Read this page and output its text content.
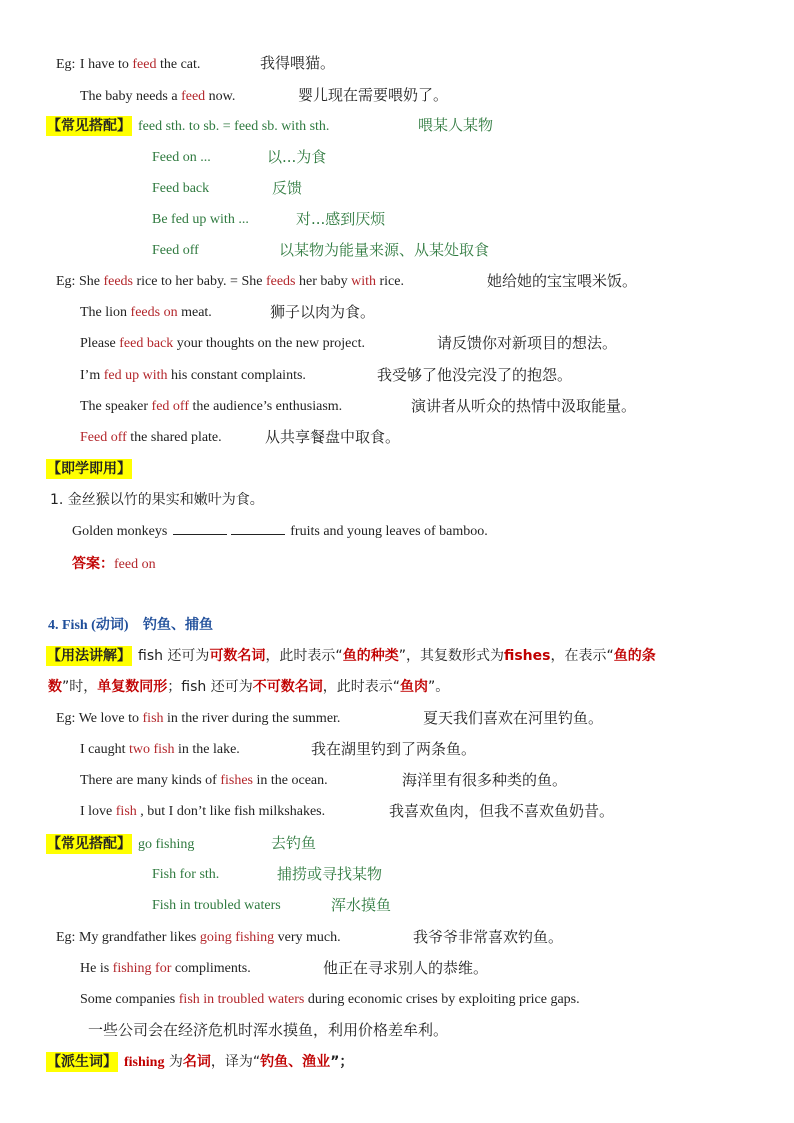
Eg: I have to feed the cat.	我得喂猫。
The baby needs a feed now.	婴儿现在需要喂奶了。
【常见搭配】 feed sth. to sb. = feed sb. with sth.	喂某人某物
Feed on ...	以...为食
Feed back	反馈
Be fed up with ...	对...感到厌烦
Feed off	以某物为能量来源、从某处取食
Eg: She feeds rice to her baby. = She feeds her baby with rice.	她给她的宝宝喂米饭。
The lion feeds on meat.	狮子以肉为食。
Please feed back your thoughts on the new project.	请反馈你对新项目的想法。
I’m fed up with his constant complaints.	我受够了他没完没了的抱怨。
The speaker fed off the audience’s enthusiasm.	演讲者从听众的热情中汲取能量。
Feed off the shared plate.	从共享餐盘中取食。
【即学即用】
1. 金丝猴以竹的果实和嫩叶为食。
Golden monkeys	fruits and young leaves of bamboo.
答案：feed on
4. Fish (动词) 钓鱼、捕鱼
【用法讲解】 fish 还可为可数名词，此时表示“鱼的种类”，其复数形式为fishes，在表示“鱼的条
数”时，单复数同形；fish 还可为不可数名词，此时表示“鱼肉”。
Eg: We love to fish in the river during the summer.	夏天我们喜欢在河里钓鱼。
I caught two fish in the lake.	我在湖里钓到了两条鱼。
There are many kinds of fishes in the ocean.	海洋里有很多种类的鱼。
I love fish , but I don’t like fish milkshakes.	我喜欢鱼肉，但我不喜欢鱼奶昔。
【常见搭配】 go fishing	去钓鱼
Fish for sth.	捕捞或寻找某物
Fish in troubled waters	浑水摸鱼
Eg: My grandfather likes going fishing very much.	我爷爷非常喜欢钓鱼。
He is fishing for compliments.	他正在寻求别人的恭维。
Some companies fish in troubled waters during economic crises by exploiting price gaps.
一些公司会在经济危机时浑水摸鱼，利用价格差牟利。
【派生词】 fishing 为名词，译为“钓鱼、渔业”；
